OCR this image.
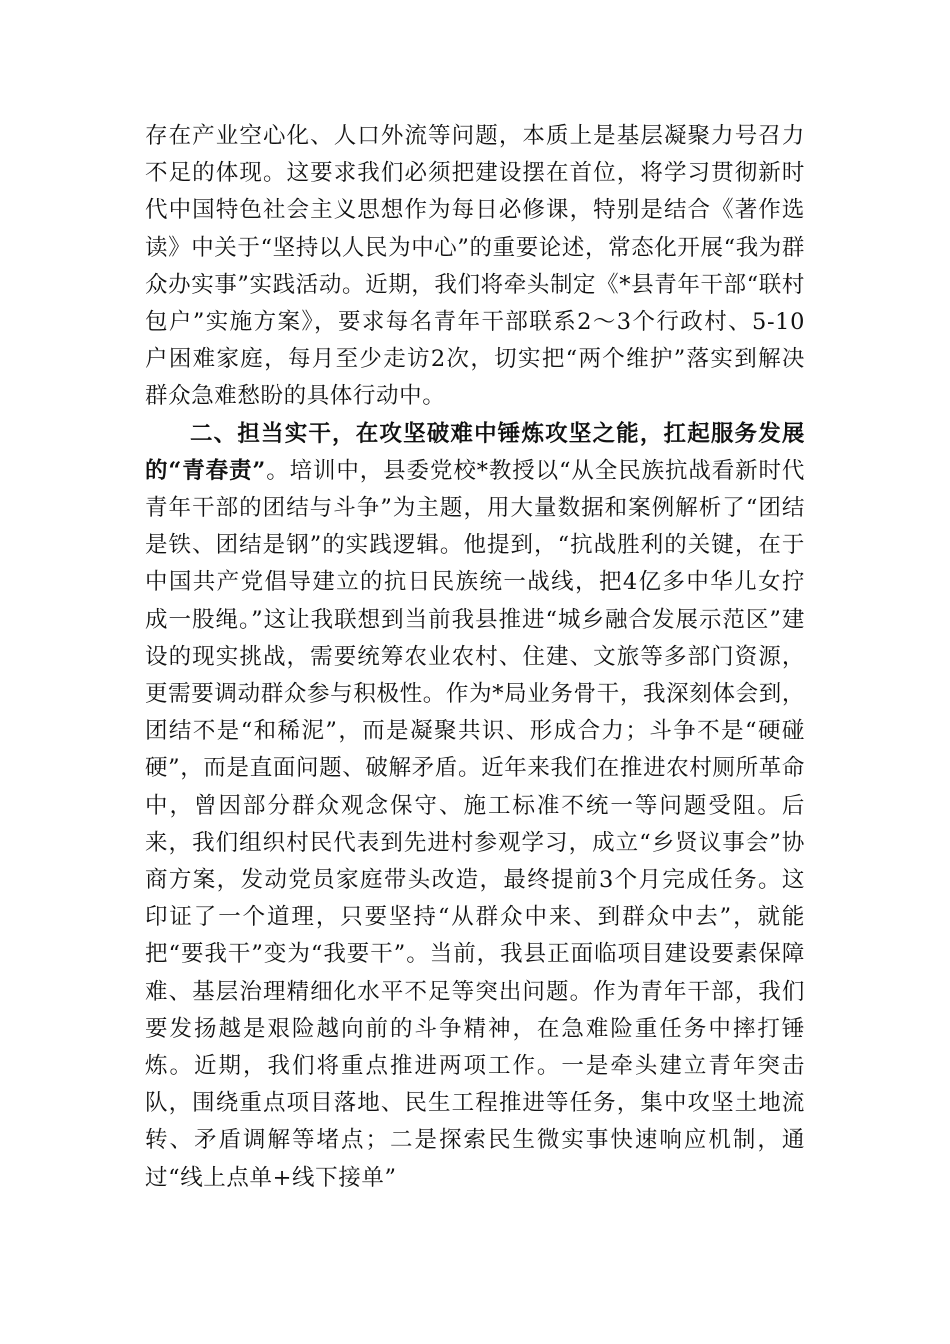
存在产业空心化、人口外流等问题，本质上是基层凝聚力号召力不足的体现。这要求我们必须把建设摆在首位，将学习贯彻新时代中国特色社会主义思想作为每日必修课，特别是结合《著作选读》中关于“坚持以人民为中心”的重要论述，常态化开展“我为群众办实事”实践活动。近期，我们将牵头制定《*县青年干部“联村包户”实施方案》，要求每名青年干部联系2～3个行政村、5-10户困难家庭，每月至少走访2次，切实把“两个维护”落实到解决群众急难愁盼的具体行动中。

二、担当实干，在攻坚破难中锤炼攻坚之能，扛起服务发展的“青春责”。培训中，县委党校*教授以“从全民族抗战看新时代青年干部的团结与斗争”为主题，用大量数据和案例解析了“团结是铁、团结是钢”的实践逻辑。他提到，“抗战胜利的关键，在于中国共产党倡导建立的抗日民族统一战线，把4亿多中华儿女拧成一股绳。”这让我联想到当前我县推进“城乡融合发展示范区”建设的现实挑战，需要统筹农业农村、住建、文旅等多部门资源，更需要调动群众参与积极性。作为*局业务骨干，我深刻体会到，团结不是“和稀泥”，而是凝聚共识、形成合力；斗争不是“硬碰硬”，而是直面问题、破解矛盾。近年来我们在推进农村厕所革命中，曾因部分群众观念保守、施工标准不统一等问题受阻。后来，我们组织村民代表到先进村参观学习，成立“乡贤议事会”协商方案，发动党员家庭带头改造，最终提前3个月完成任务。这印证了一个道理，只要坚持“从群众中来、到群众中去”，就能把“要我干”变为“我要干”。当前，我县正面临项目建设要素保障难、基层治理精细化水平不足等突出问题。作为青年干部，我们要发扬越是艰险越向前的斗争精神，在急难险重任务中摔打锤炼。近期，我们将重点推进两项工作。一是牵头建立青年突击队，围绕重点项目落地、民生工程推进等任务，集中攻坚土地流转、矛盾调解等堵点；二是探索民生微实事快速响应机制，通过“线上点单+线下接单”
